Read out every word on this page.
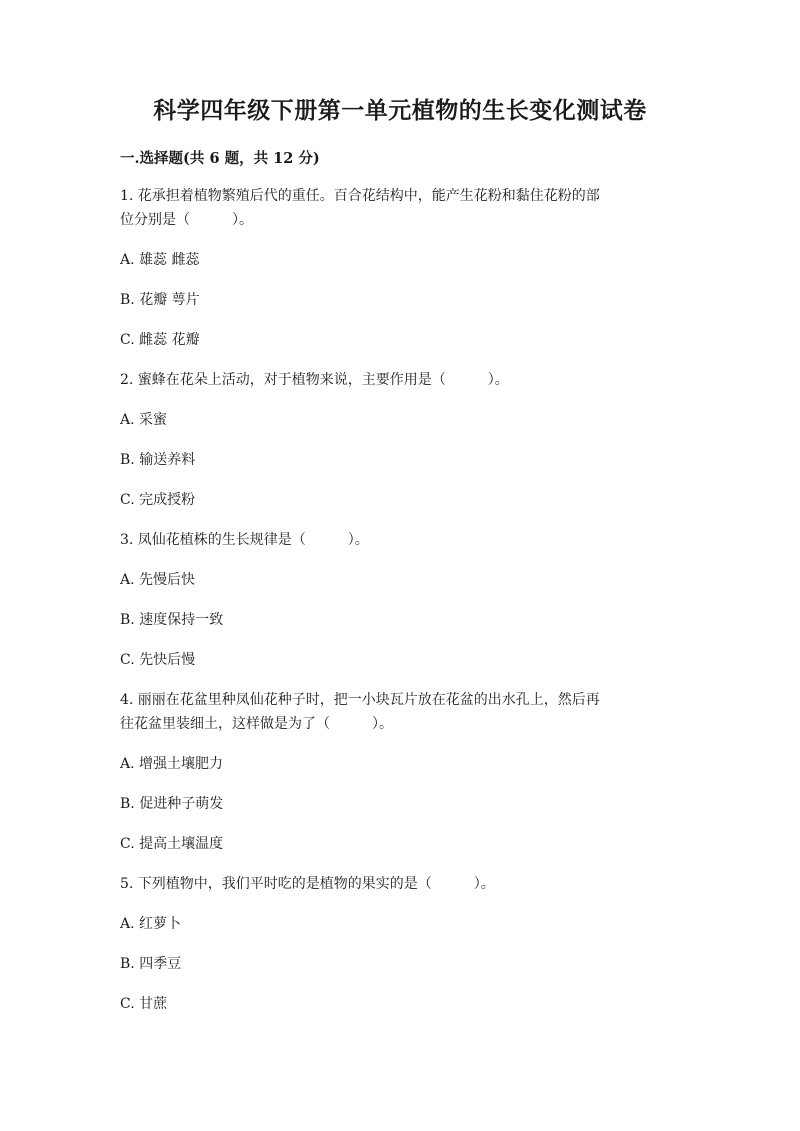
科学四年级下册第一单元植物的生长变化测试卷
一.选择题(共 6 题，共 12 分)

1. 花承担着植物繁殖后代的重任。百合花结构中，能产生花粉和黏住花粉的部

位分别是（　　　）。

A. 雄蕊 雌蕊

B. 花瓣 萼片

C. 雌蕊 花瓣

2. 蜜蜂在花朵上活动，对于植物来说，主要作用是（　　　）。

A. 采蜜

B. 输送养料

C. 完成授粉

3. 凤仙花植株的生长规律是（　　　）。

A. 先慢后快

B. 速度保持一致

C. 先快后慢

4. 丽丽在花盆里种凤仙花种子时，把一小块瓦片放在花盆的出水孔上，然后再

往花盆里装细土，这样做是为了（　　　）。

A. 增强土壤肥力

B. 促进种子萌发

C. 提高土壤温度

5. 下列植物中，我们平时吃的是植物的果实的是（　　　）。

A. 红萝卜

B. 四季豆

C. 甘蔗
